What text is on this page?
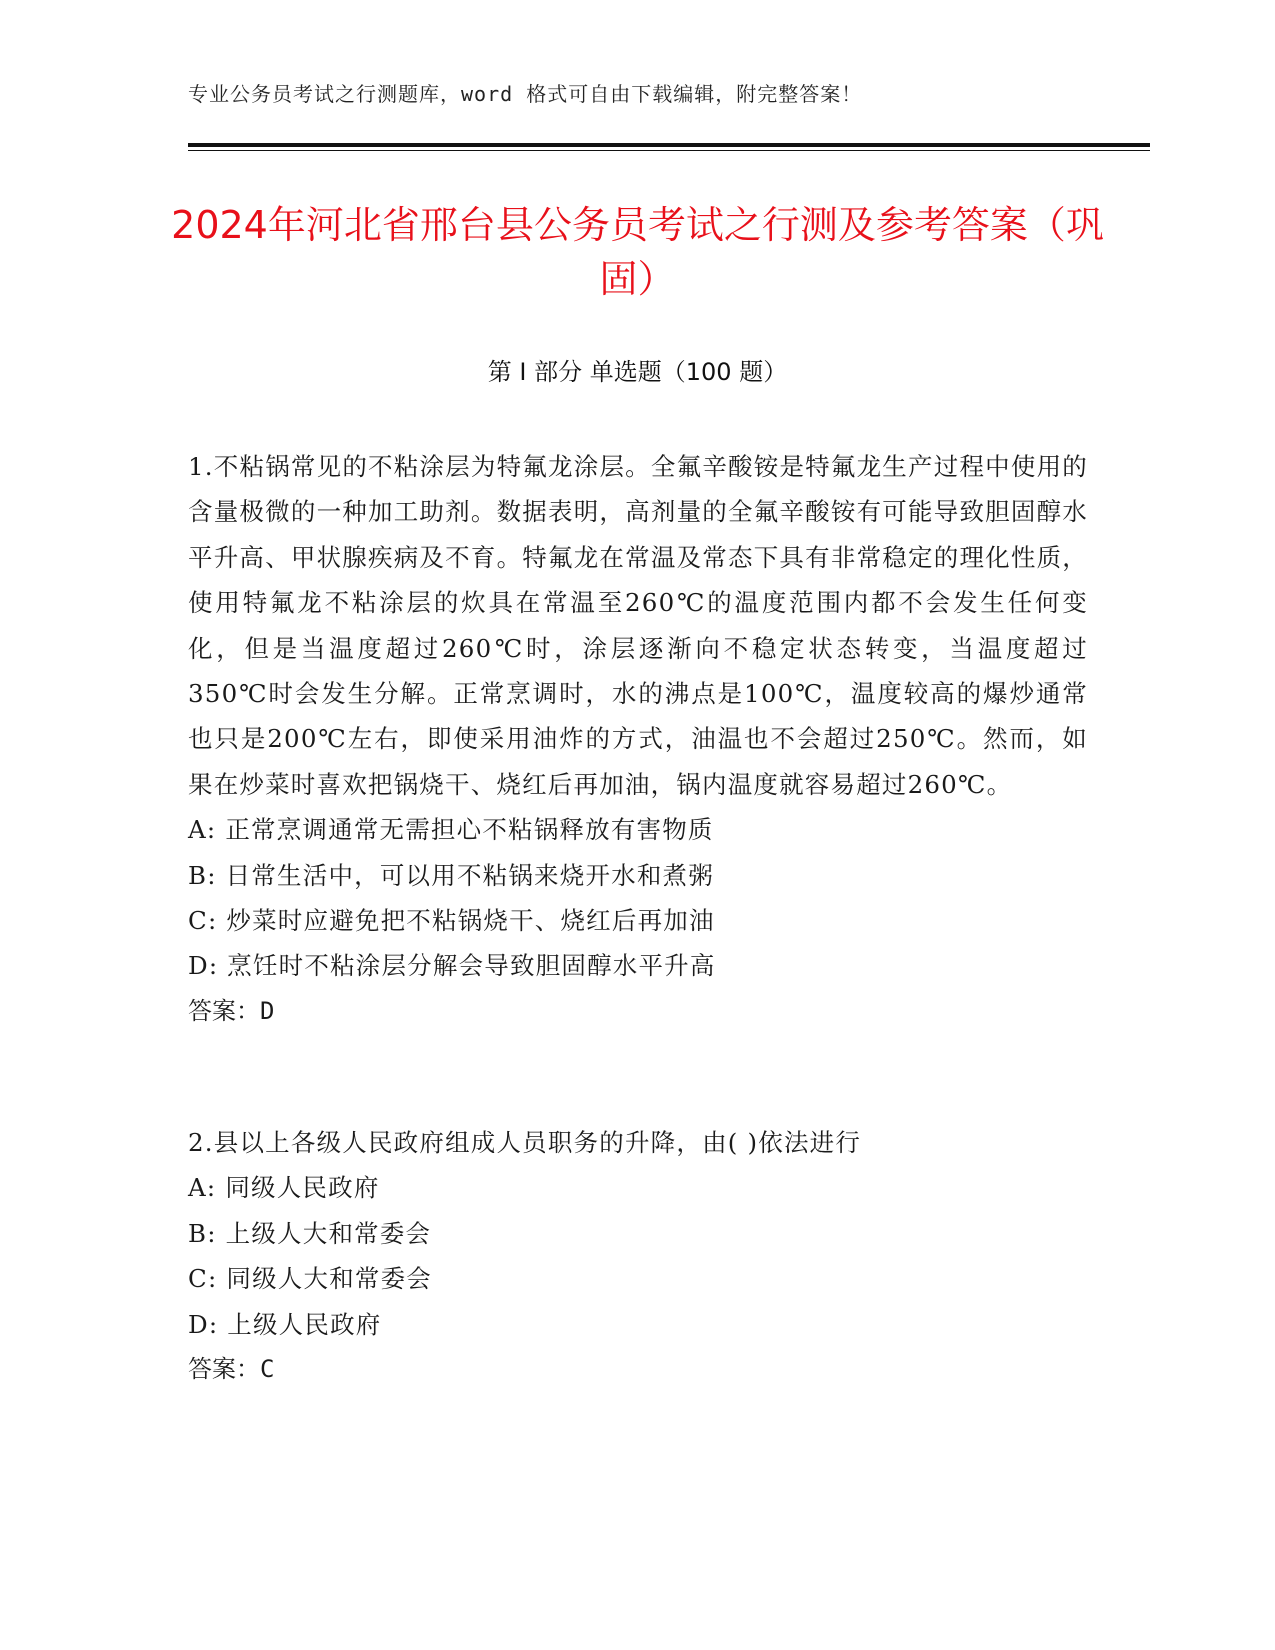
专业公务员考试之行测题库，word 格式可自由下载编辑，附完整答案！
2024年河北省邢台县公务员考试之行测及参考答案（巩固）
第 I 部分 单选题（100 题）

1.不粘锅常见的不粘涂层为特氟龙涂层。全氟辛酸铵是特氟龙生产过程中使用的含量极微的一种加工助剂。数据表明，高剂量的全氟辛酸铵有可能导致胆固醇水平升高、甲状腺疾病及不育。特氟龙在常温及常态下具有非常稳定的理化性质，使用特氟龙不粘涂层的炊具在常温至260℃的温度范围内都不会发生任何变化，但是当温度超过260℃时，涂层逐渐向不稳定状态转变，当温度超过350℃时会发生分解。正常烹调时，水的沸点是100℃，温度较高的爆炒通常也只是200℃左右，即使采用油炸的方式，油温也不会超过250℃。然而，如果在炒菜时喜欢把锅烧干、烧红后再加油，锅内温度就容易超过260℃。

A: 正常烹调通常无需担心不粘锅释放有害物质

B: 日常生活中，可以用不粘锅来烧开水和煮粥

C: 炒菜时应避免把不粘锅烧干、烧红后再加油

D: 烹饪时不粘涂层分解会导致胆固醇水平升高

答案：D

2.县以上各级人民政府组成人员职务的升降，由( )依法进行

A: 同级人民政府

B: 上级人大和常委会

C: 同级人大和常委会

D: 上级人民政府

答案：C
